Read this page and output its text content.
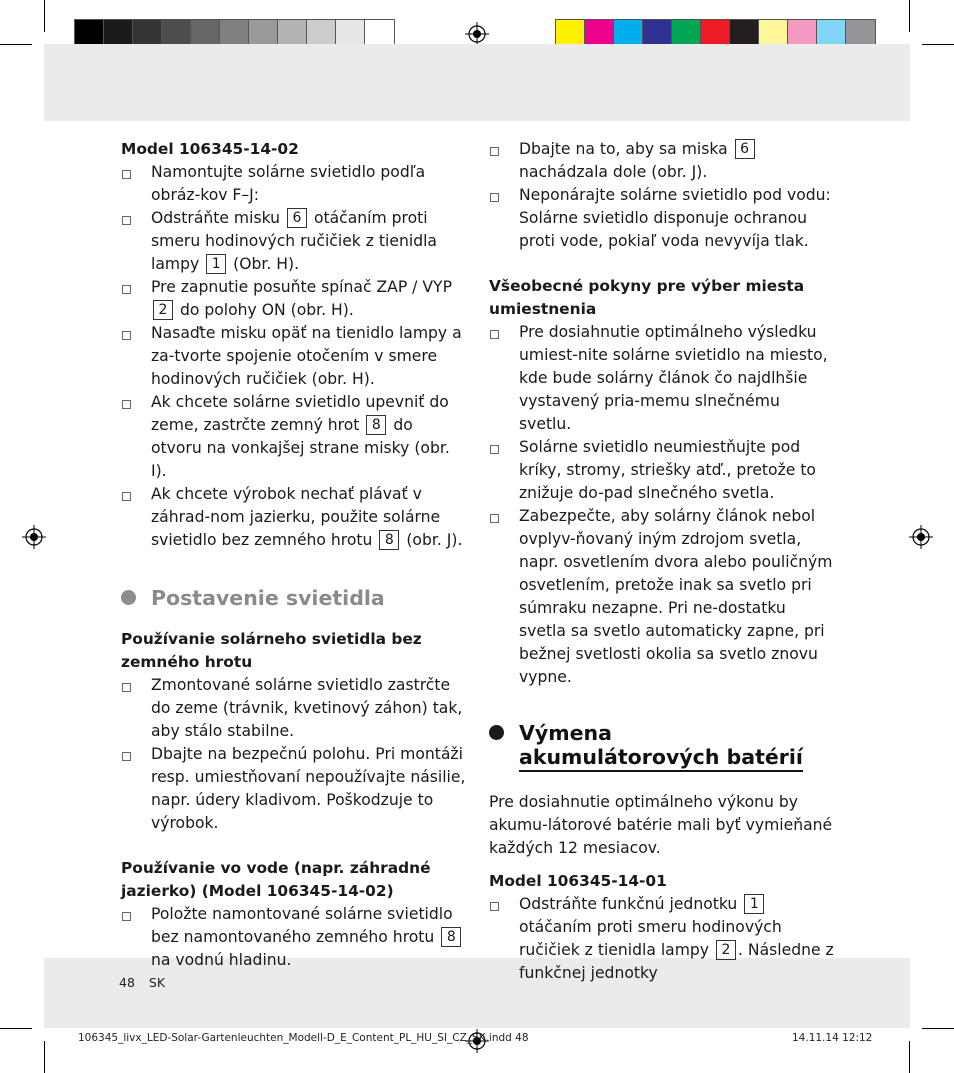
Model 106345-14-02
Namontujte solárne svietidlo podľa obráz-kov F–J:
Odstráňte misku 6 otáčaním proti smeru hodinových ručičiek z tienidla lampy 1 (Obr. H).
Pre zapnutie posuňte spínač ZAP / VYP 2 do polohy ON (obr. H).
Nasaďte misku opäť na tienidlo lampy a za-tvorte spojenie otočením v smere hodinových ručičiek (obr. H).
Ak chcete solárne svietidlo upevniť do zeme, zastrčte zemný hrot 8 do otvoru na vonkajšej strane misky (obr. I).
Ak chcete výrobok nechať plávať v záhrad-nom jazierku, použite solárne svietidlo bez zemného hrotu 8 (obr. J).
Postavenie svietidla
Používanie solárneho svietidla bez zemného hrotu
Zmontované solárne svietidlo zastrčte do zeme (trávnik, kvetinový záhon) tak, aby stálo stabilne.
Dbajte na bezpečnú polohu. Pri montáži resp. umiestňovaní nepoužívajte násilie, napr. údery kladivom. Poškodzuje to výrobok.
Používanie vo vode (napr. záhradné jazierko) (Model 106345-14-02)
Položte namontované solárne svietidlo bez namontovaného zemného hrotu 8 na vodnú hladinu.
Dbajte na to, aby sa miska 6 nachádzala dole (obr. J).
Neponárajte solárne svietidlo pod vodu: Solárne svietidlo disponuje ochranou proti vode, pokiaľ voda nevyvíja tlak.
Všeobecné pokyny pre výber miesta umiestnenia
Pre dosiahnutie optimálneho výsledku umiest-nite solárne svietidlo na miesto, kde bude solárny článok čo najdlhšie vystavený pria-memu slnečnému svetlu.
Solárne svietidlo neumiestňujte pod kríky, stromy, striešky atď., pretože to znižuje do-pad slnečného svetla.
Zabezpečte, aby solárny článok nebol ovplyv-ňovaný iným zdrojom svetla, napr. osvetlením dvora alebo pouličným osvetlením, pretože inak sa svetlo pri súmraku nezapne. Pri ne-dostatku svetla sa svetlo automaticky zapne, pri bežnej svetlosti okolia sa svetlo znovu vypne.
Výmena
akumulátorových batérií
Pre dosiahnutie optimálneho výkonu by akumu-látorové batérie mali byť vymieňané každých 12 mesiacov.
Model 106345-14-01
Odstráňte funkčnú jednotku 1 otáčaním proti smeru hodinových ručičiek z tienidla lampy 2 . Následne z funkčnej jednotky
48 SK
106345_livx_LED-Solar-Gartenleuchten_Modell-D_E_Content_PL_HU_SI_CZ_SK.indd 48	14.11.14 12:12
